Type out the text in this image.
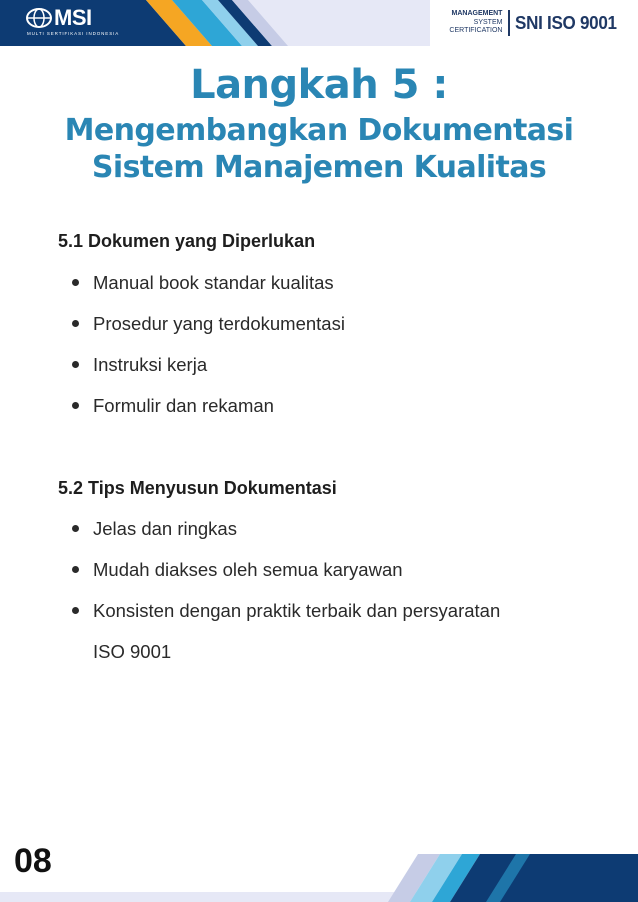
MSI
MULTI SERTIFIKASI INDONESIA
MANAGEMENT
SYSTEM
CERTIFICATION SNI ISO 9001
Langkah 5 :
Mengembangkan Dokumentasi
Sistem Manajemen Kualitas
5.1 Dokumen yang Diperlukan
Manual book standar kualitas
Prosedur yang terdokumentasi
Instruksi kerja
Formulir dan rekaman
5.2 Tips Menyusun Dokumentasi
Jelas dan ringkas
Mudah diakses oleh semua karyawan
Konsisten dengan praktik terbaik dan persyaratan
ISO 9001
08
